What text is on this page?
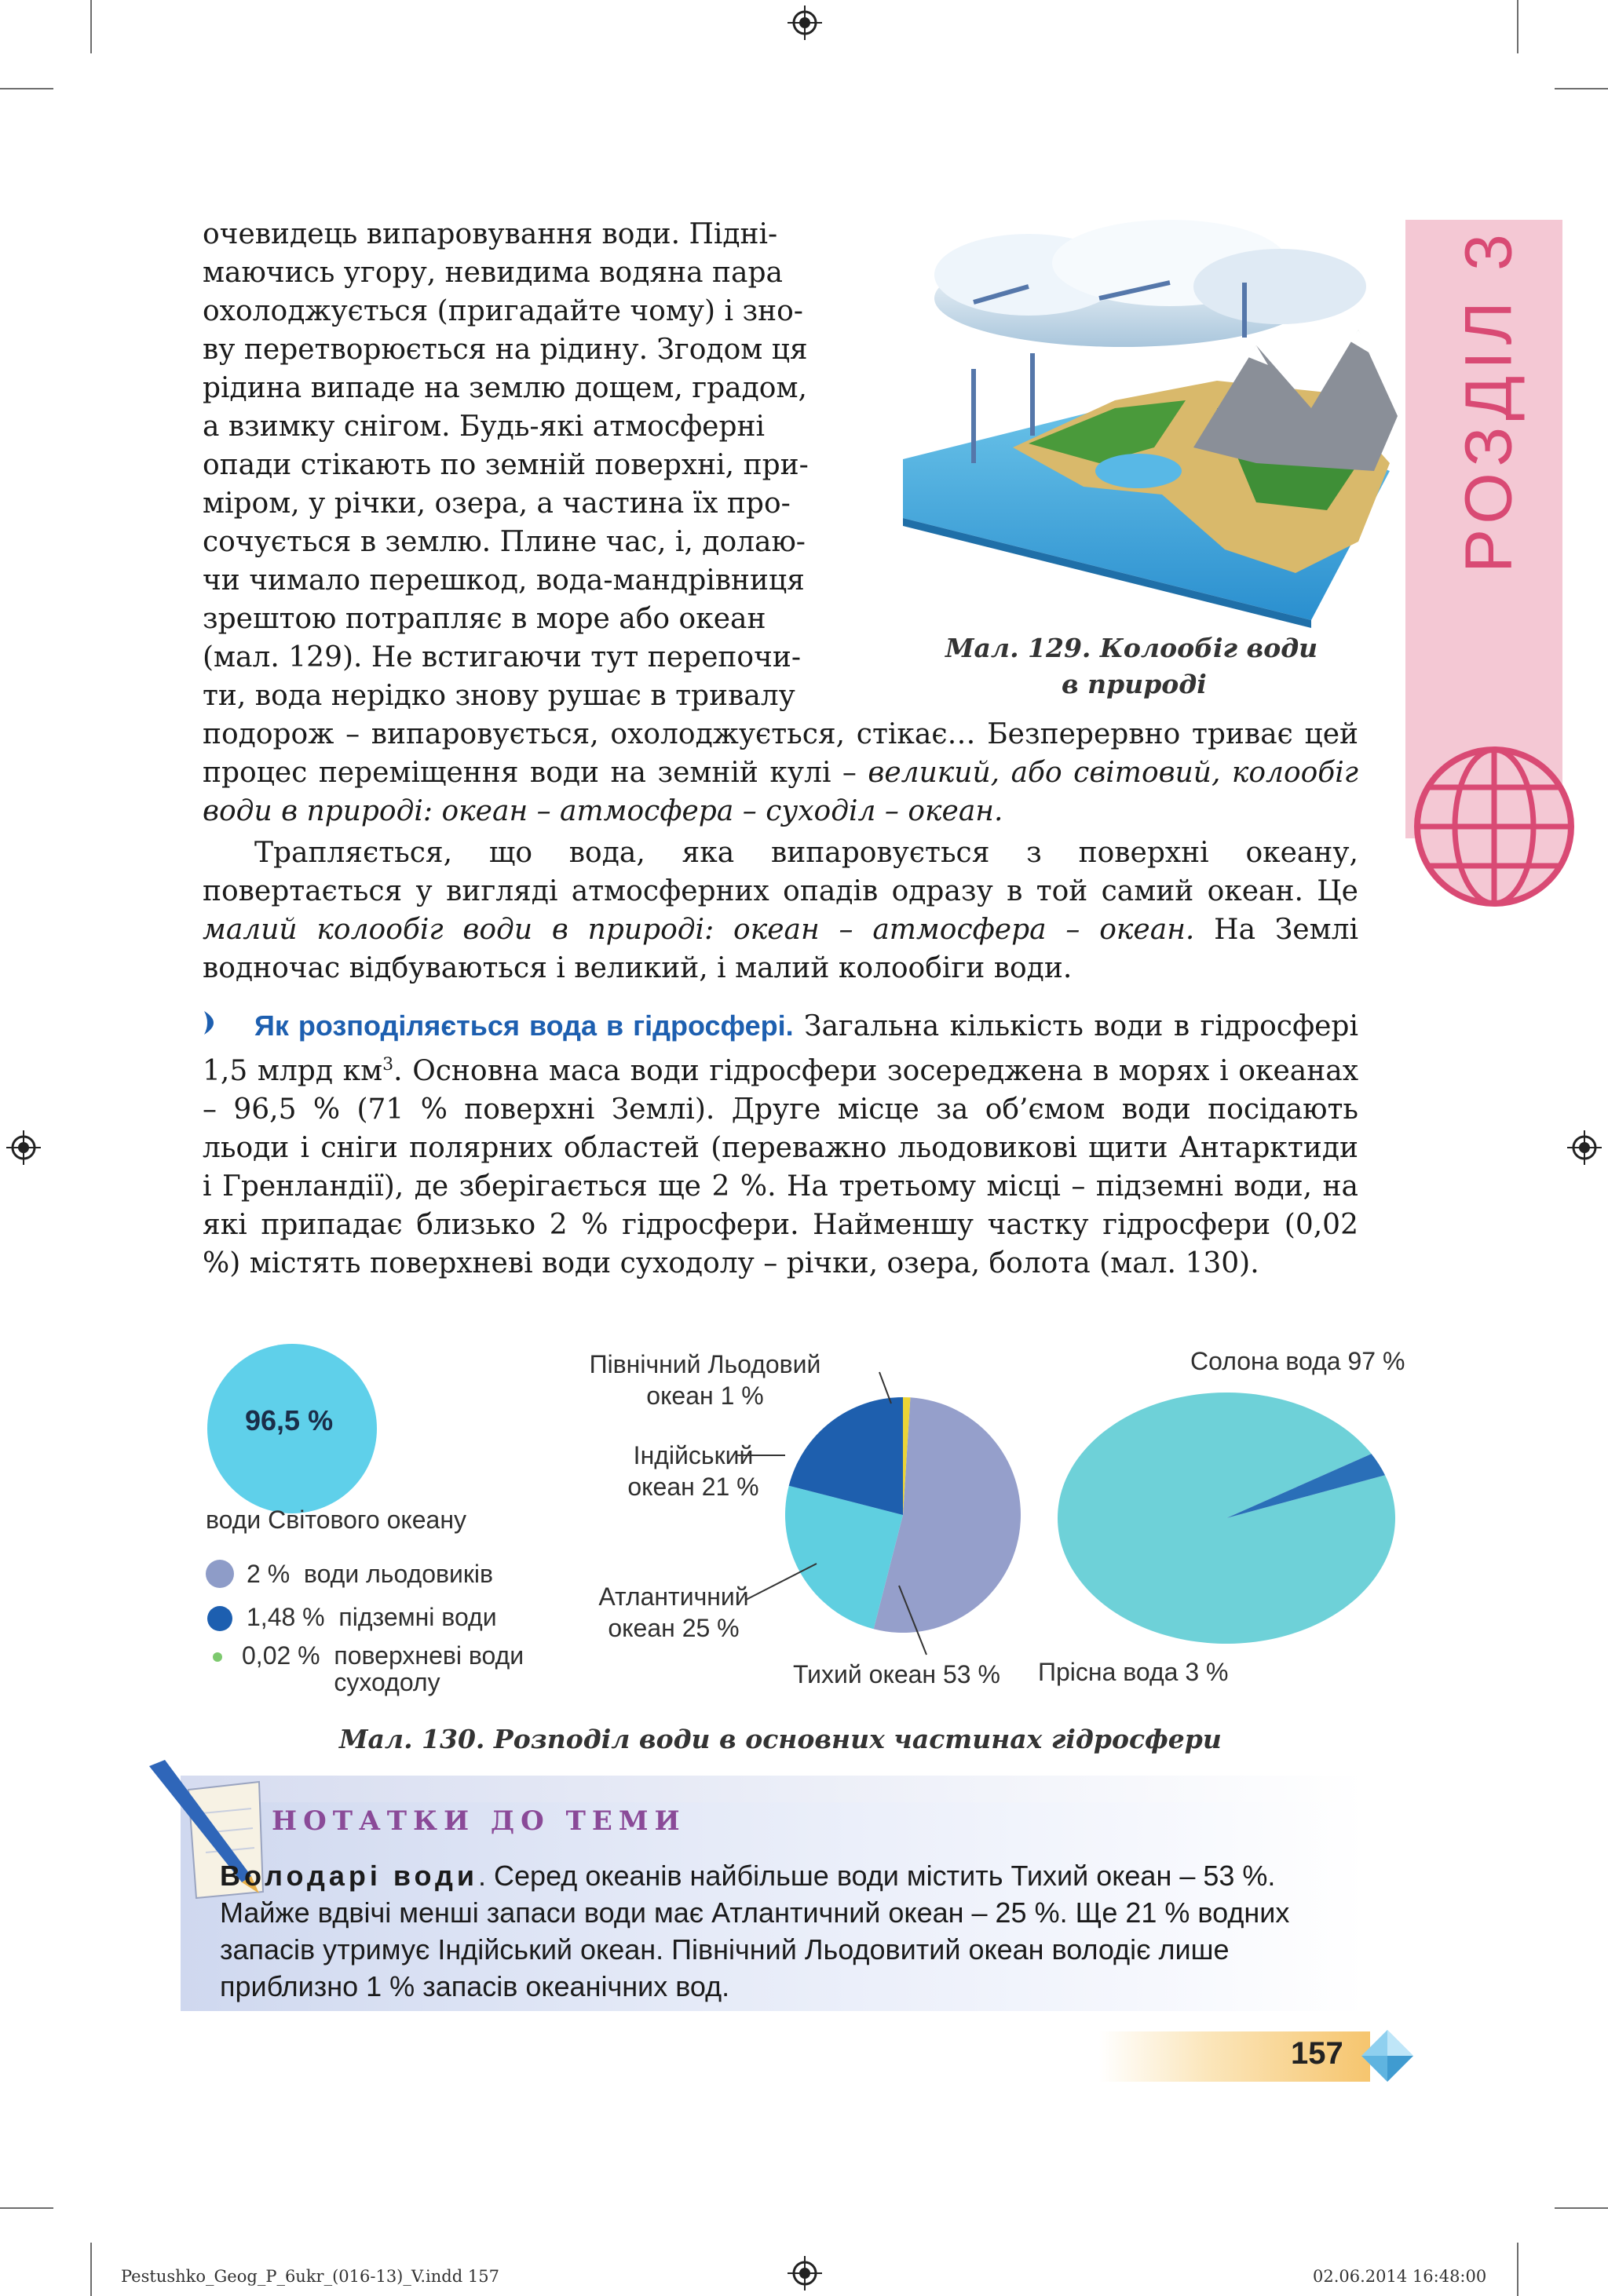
РОЗДІЛ 3
очевидець випаровування води. Підні-
маючись угору, невидима водяна пара
охолоджується (пригадайте чому) і зно-
ву перетворюється на рідину. Згодом ця
рідина випаде на землю дощем, градом,
а взимку снігом. Будь-які атмосферні
опади стікають по земній поверхні, при-
міром, у річки, озера, а частина їх про-
сочується в землю. Плине час, і, долаю-
чи чимало перешкод, вода-мандрівниця
зрештою потрапляє в море або океан
(мал. 129). Не встигаючи тут перепочи-
ти, вода нерідко знову рушає в тривалу
Мал. 129. Колообіг води
в природі
подорож – випаровується, охолоджується, стікає… Безперервно триває цей процес переміщення води на земній кулі – великий, або світовий, колообіг води в природі: океан – атмосфера – суходіл – океан.
Трапляється, що вода, яка випаровується з поверхні океану, повертається у вигляді атмосферних опадів одразу в той самий океан. Це малий колообіг води в природі: океан – атмосфера – океан. На Землі водночас відбуваються і великий, і малий колообіги води.
Як розподіляється вода в гідросфері. Загальна кількість води в гідросфері 1,5 млрд $км^3$. Основна маса води гідросфери зосереджена в морях і океанах – 96,5 % (71 % поверхні Землі). Друге місце за об’ємом води посідають льоди і сніги полярних областей (переважно льодовикові щити Антарктиди і Гренландії), де зберігається ще 2 %. На третьому місці – підземні води, на які припадає близько 2 % гідросфери. Найменшу частку гідросфери (0,02 %) містять поверхневі води суходолу – річки, озера, болота (мал. 130).
96,5 %
води Світового океану
2 % води льодовиків
1,48 % підземні води
0,02 % поверхневі води суходолу
Північний Льодовий
океан 1 %
Індійський
океан 21 %
Атлантичний
океан 25 %
Тихий океан 53 %
Солона вода 97 %
Прісна вода 3 %
Мал. 130. Розподіл води в основних частинах гідросфери
НОТАТКИ ДО ТЕМИ
Володарі води. Серед океанів найбільше води містить Тихий океан – 53 %. Майже вдвічі менші запаси води має Атлантичний океан – 25 %. Ще 21 % водних запасів утримує Індійський океан. Північний Льодовитий океан володіє лише приблизно 1 % запасів океанічних вод.
157
Pestushko_Geog_P_6ukr_(016-13)_V.indd 157	02.06.2014 16:48:00
